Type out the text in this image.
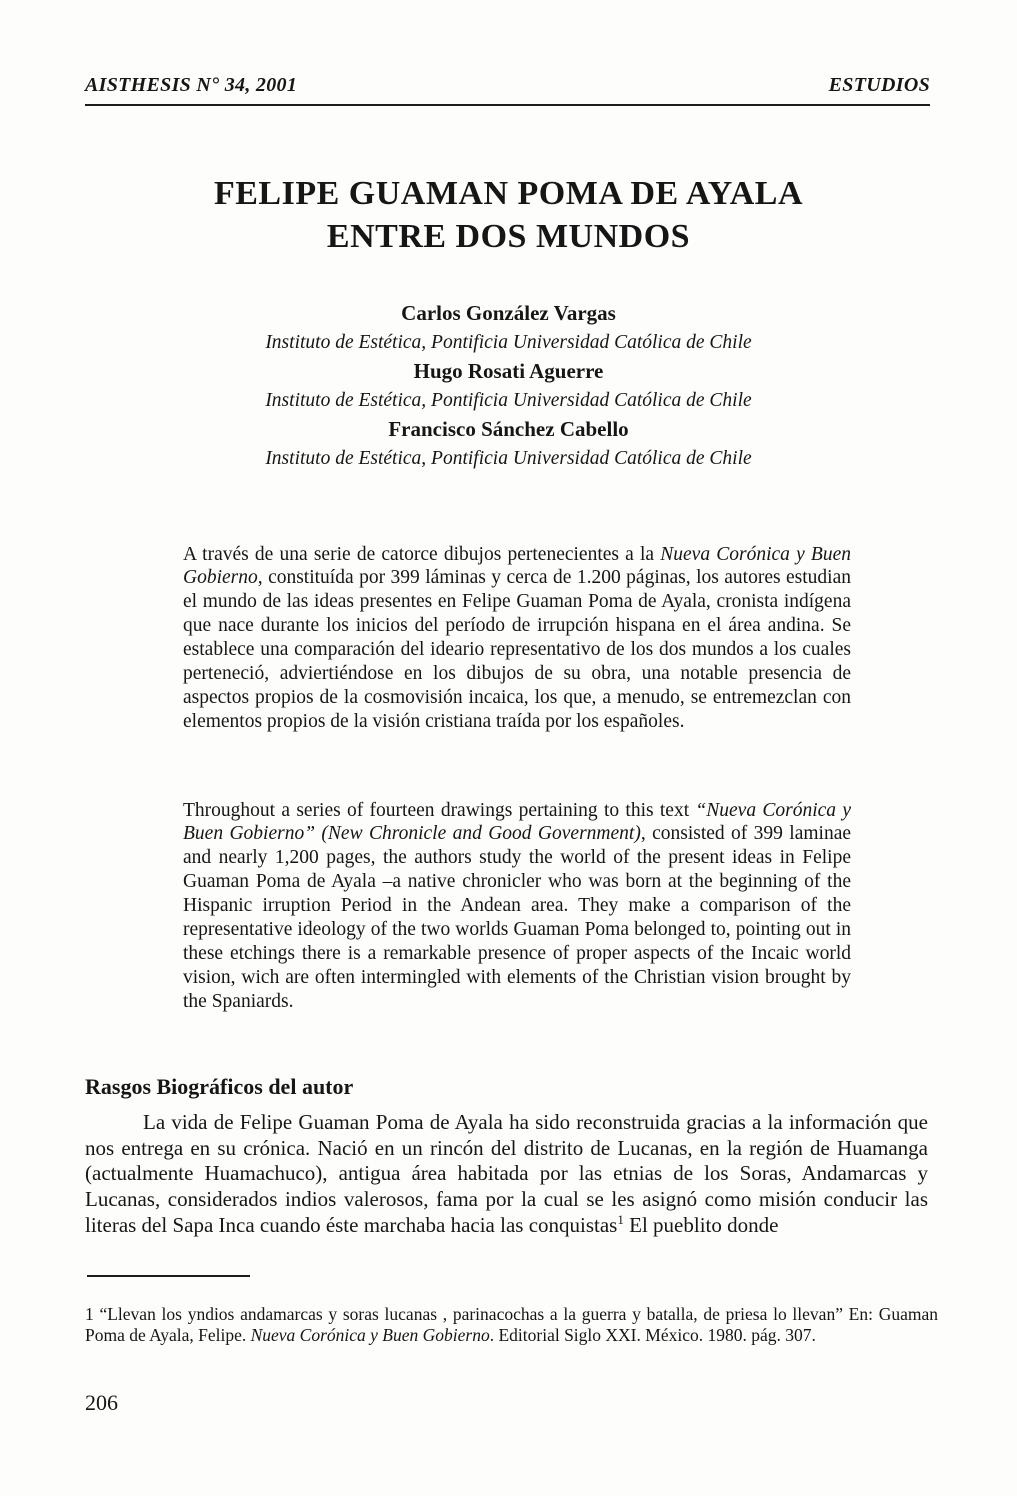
AISTHESIS N° 34, 2001	ESTUDIOS
FELIPE GUAMAN POMA DE AYALA
ENTRE DOS MUNDOS
Carlos González Vargas
Instituto de Estética, Pontificia Universidad Católica de Chile
Hugo Rosati Aguerre
Instituto de Estética, Pontificia Universidad Católica de Chile
Francisco Sánchez Cabello
Instituto de Estética, Pontificia Universidad Católica de Chile

A través de una serie de catorce dibujos pertenecientes a la Nueva Corónica y Buen Gobierno, constituída por 399 láminas y cerca de 1.200 páginas, los autores estudian el mundo de las ideas presentes en Felipe Guaman Poma de Ayala, cronista indígena que nace durante los inicios del período de irrupción hispana en el área andina. Se establece una comparación del ideario representativo de los dos mundos a los cuales perteneció, adviertiéndose en los dibujos de su obra, una notable presencia de aspectos propios de la cosmovisión incaica, los que, a menudo, se entremezclan con elementos propios de la visión cristiana traída por los españoles.

Throughout a series of fourteen drawings pertaining to this text “Nueva Corónica y Buen Gobierno” (New Chronicle and Good Government), consisted of 399 laminae and nearly 1,200 pages, the authors study the world of the present ideas in Felipe Guaman Poma de Ayala –a native chronicler who was born at the beginning of the Hispanic irruption Period in the Andean area. They make a comparison of the representative ideology of the two worlds Guaman Poma belonged to, pointing out in these etchings there is a remarkable presence of proper aspects of the Incaic world vision, wich are often intermingled with elements of the Christian vision brought by the Spaniards.

Rasgos Biográficos del autor

La vida de Felipe Guaman Poma de Ayala ha sido reconstruida gracias a la información que nos entrega en su crónica. Nació en un rincón del distrito de Lucanas, en la región de Huamanga (actualmente Huamachuco), antigua área habitada por las etnias de los Soras, Andamarcas y Lucanas, considerados indios valerosos, fama por la cual se les asignó como misión conducir las literas del Sapa Inca cuando éste marchaba hacia las conquistas$^1$ El pueblito donde

1 “Llevan los yndios andamarcas y soras lucanas , parinacochas a la guerra y batalla, de priesa lo llevan” En: Guaman Poma de Ayala, Felipe. Nueva Corónica y Buen Gobierno. Editorial Siglo XXI. México. 1980. pág. 307.

206
